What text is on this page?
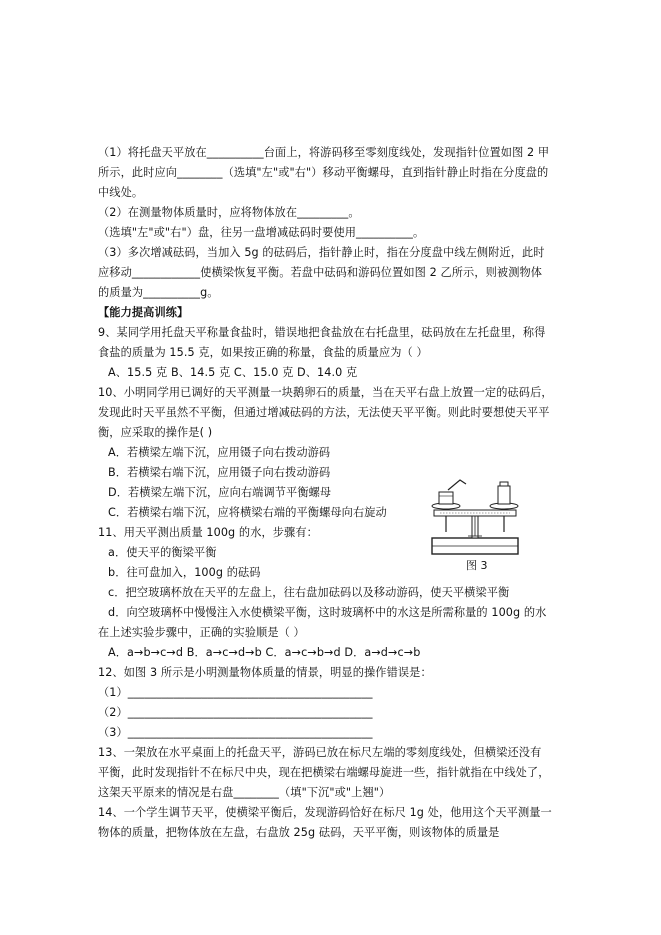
（1）将托盘天平放在__________台面上，将游码移至零刻度线处，发现指针位置如图 2 甲
所示，此时应向________（选填"左"或"右"）移动平衡螺母，直到指针静止时指在分度盘的
中线处。
（2）在测量物体质量时，应将物体放在_________。
（选填"左"或"右"）盘，往另一盘增减砝码时要使用__________。
（3）多次增减砝码，当加入 5g 的砝码后，指针静止时，指在分度盘中线左侧附近，此时
应移动____________使横梁恢复平衡。若盘中砝码和游码位置如图 2 乙所示，则被测物体
的质量为__________g。
【能力提高训练】
9、某同学用托盘天平称量食盐时，错误地把食盐放在右托盘里，砝码放在左托盘里，称得
食盐的质量为 15.5 克，如果按正确的称量，食盐的质量应为（ ）
A、15.5 克 B、14.5 克 C、15.0 克 D、14.0 克
10、小明同学用已调好的天平测量一块鹅卵石的质量，当在天平右盘上放置一定的砝码后，
发现此时天平虽然不平衡，但通过增减砝码的方法，无法使天平平衡。则此时要想使天平平
衡，应采取的操作是( )
A．若横梁左端下沉，应用镊子向右拨动游码
B．若横梁右端下沉，应用镊子向右拨动游码
D．若横梁左端下沉，应向右端调节平衡螺母
C．若横梁右端下沉，应将横梁右端的平衡螺母向右旋动
11、用天平测出质量 100g 的水，步骤有：
a．使天平的衡梁平衡
b．往可盘加入，100g 的砝码
c．把空玻璃杯放在天平的左盘上，往右盘加砝码以及移动游码，使天平横梁平衡
d．向空玻璃杯中慢慢注入水使横梁平衡，这时玻璃杯中的水这是所需称量的 100g 的水
在上述实验步骤中，正确的实验顺是（ ）
A．a→b→c→d B．a→c→d→b C．a→c→b→d D．a→d→c→b
12、如图 3 所示是小明测量物体质量的情景，明显的操作错误是：
（1）___________________________________________
（2）___________________________________________
（3）___________________________________________
13、一架放在水平桌面上的托盘天平，游码已放在标尺左端的零刻度线处，但横梁还没有
平衡，此时发现指针不在标尺中央，现在把横梁右端螺母旋进一些，指针就指在中线处了，
这架天平原来的情况是右盘________（填"下沉"或"上翘"）
14、一个学生调节天平，使横梁平衡后，发现游码恰好在标尺 1g 处，他用这个天平测量一
物体的质量，把物体放在左盘，右盘放 25g 砝码，天平平衡，则该物体的质量是
图 3
